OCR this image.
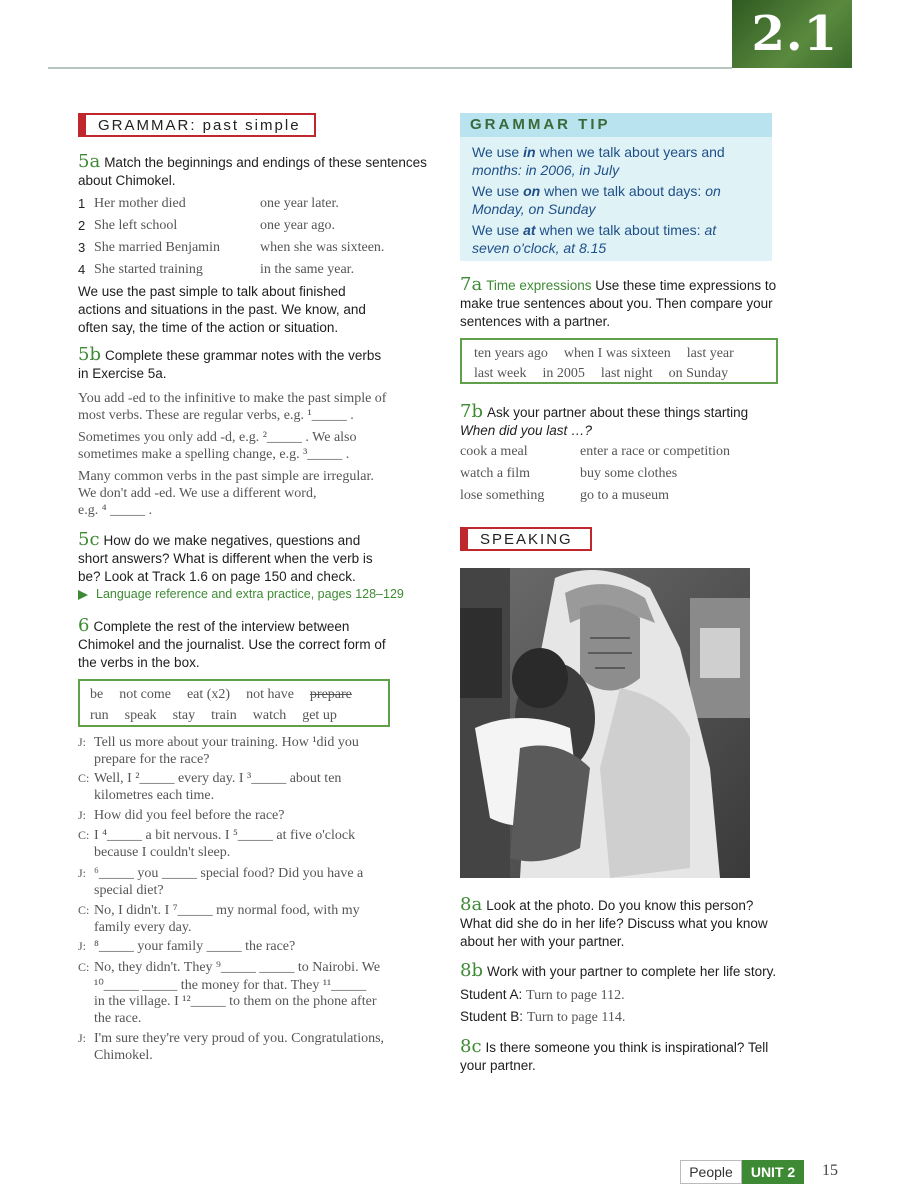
2.1
GRAMMAR: past simple
5a Match the beginnings and endings of these sentences about Chimokel.
1 Her mother died	one year later.
2 She left school	one year ago.
3 She married Benjamin	when she was sixteen.
4 She started training	in the same year.
We use the past simple to talk about finished
actions and situations in the past. We know, and
often say, the time of the action or situation.
5b Complete these grammar notes with the verbs
in Exercise 5a.
You add -ed to the infinitive to make the past simple of
most verbs. These are regular verbs, e.g. ¹_____ .
Sometimes you only add -d, e.g. ²_____ . We also
sometimes make a spelling change, e.g. ³_____ .
Many common verbs in the past simple are irregular.
We don't add -ed. We use a different word,
e.g. ⁴ _____ .
5c How do we make negatives, questions and
short answers? What is different when the verb is
be? Look at Track 1.6 on page 150 and check.
Language reference and extra practice, pages 128–129
6 Complete the rest of the interview between
Chimokel and the journalist. Use the correct form of
the verbs in the box.
be not come eat (x2) not have prepare
run speak stay train watch get up
J: Tell us more about your training. How ¹did you
prepare for the race?
C: Well, I ²_____ every day. I ³_____ about ten
kilometres each time.
J: How did you feel before the race?
C: I ⁴_____ a bit nervous. I ⁵_____ at five o'clock
because I couldn't sleep.
J: ⁶_____ you _____ special food? Did you have a
special diet?
C: No, I didn't. I ⁷_____ my normal food, with my
family every day.
J: ⁸_____ your family _____ the race?
C: No, they didn't. They ⁹_____ _____ to Nairobi. We
¹⁰_____ _____ the money for that. They ¹¹_____
in the village. I ¹²_____ to them on the phone after
the race.
J: I'm sure they're very proud of you. Congratulations,
Chimokel.
GRAMMAR TIP
We use in when we talk about years and
months: in 2006, in July
We use on when we talk about days: on
Monday, on Sunday
We use at when we talk about times: at
seven o'clock, at 8.15
7a Time expressions Use these time expressions to
make true sentences about you. Then compare your
sentences with a partner.
ten years ago when I was sixteen last year
last week in 2005 last night on Sunday
7b Ask your partner about these things starting
When did you last …?
cook a meal	enter a race or competition
watch a film	buy some clothes
lose something	go to a museum
SPEAKING
8a Look at the photo. Do you know this person?
What did she do in her life? Discuss what you know
about her with your partner.
8b Work with your partner to complete her life story.
Student A: Turn to page 112.
Student B: Turn to page 114.
8c Is there someone you think is inspirational? Tell
your partner.
People	UNIT 2	15
